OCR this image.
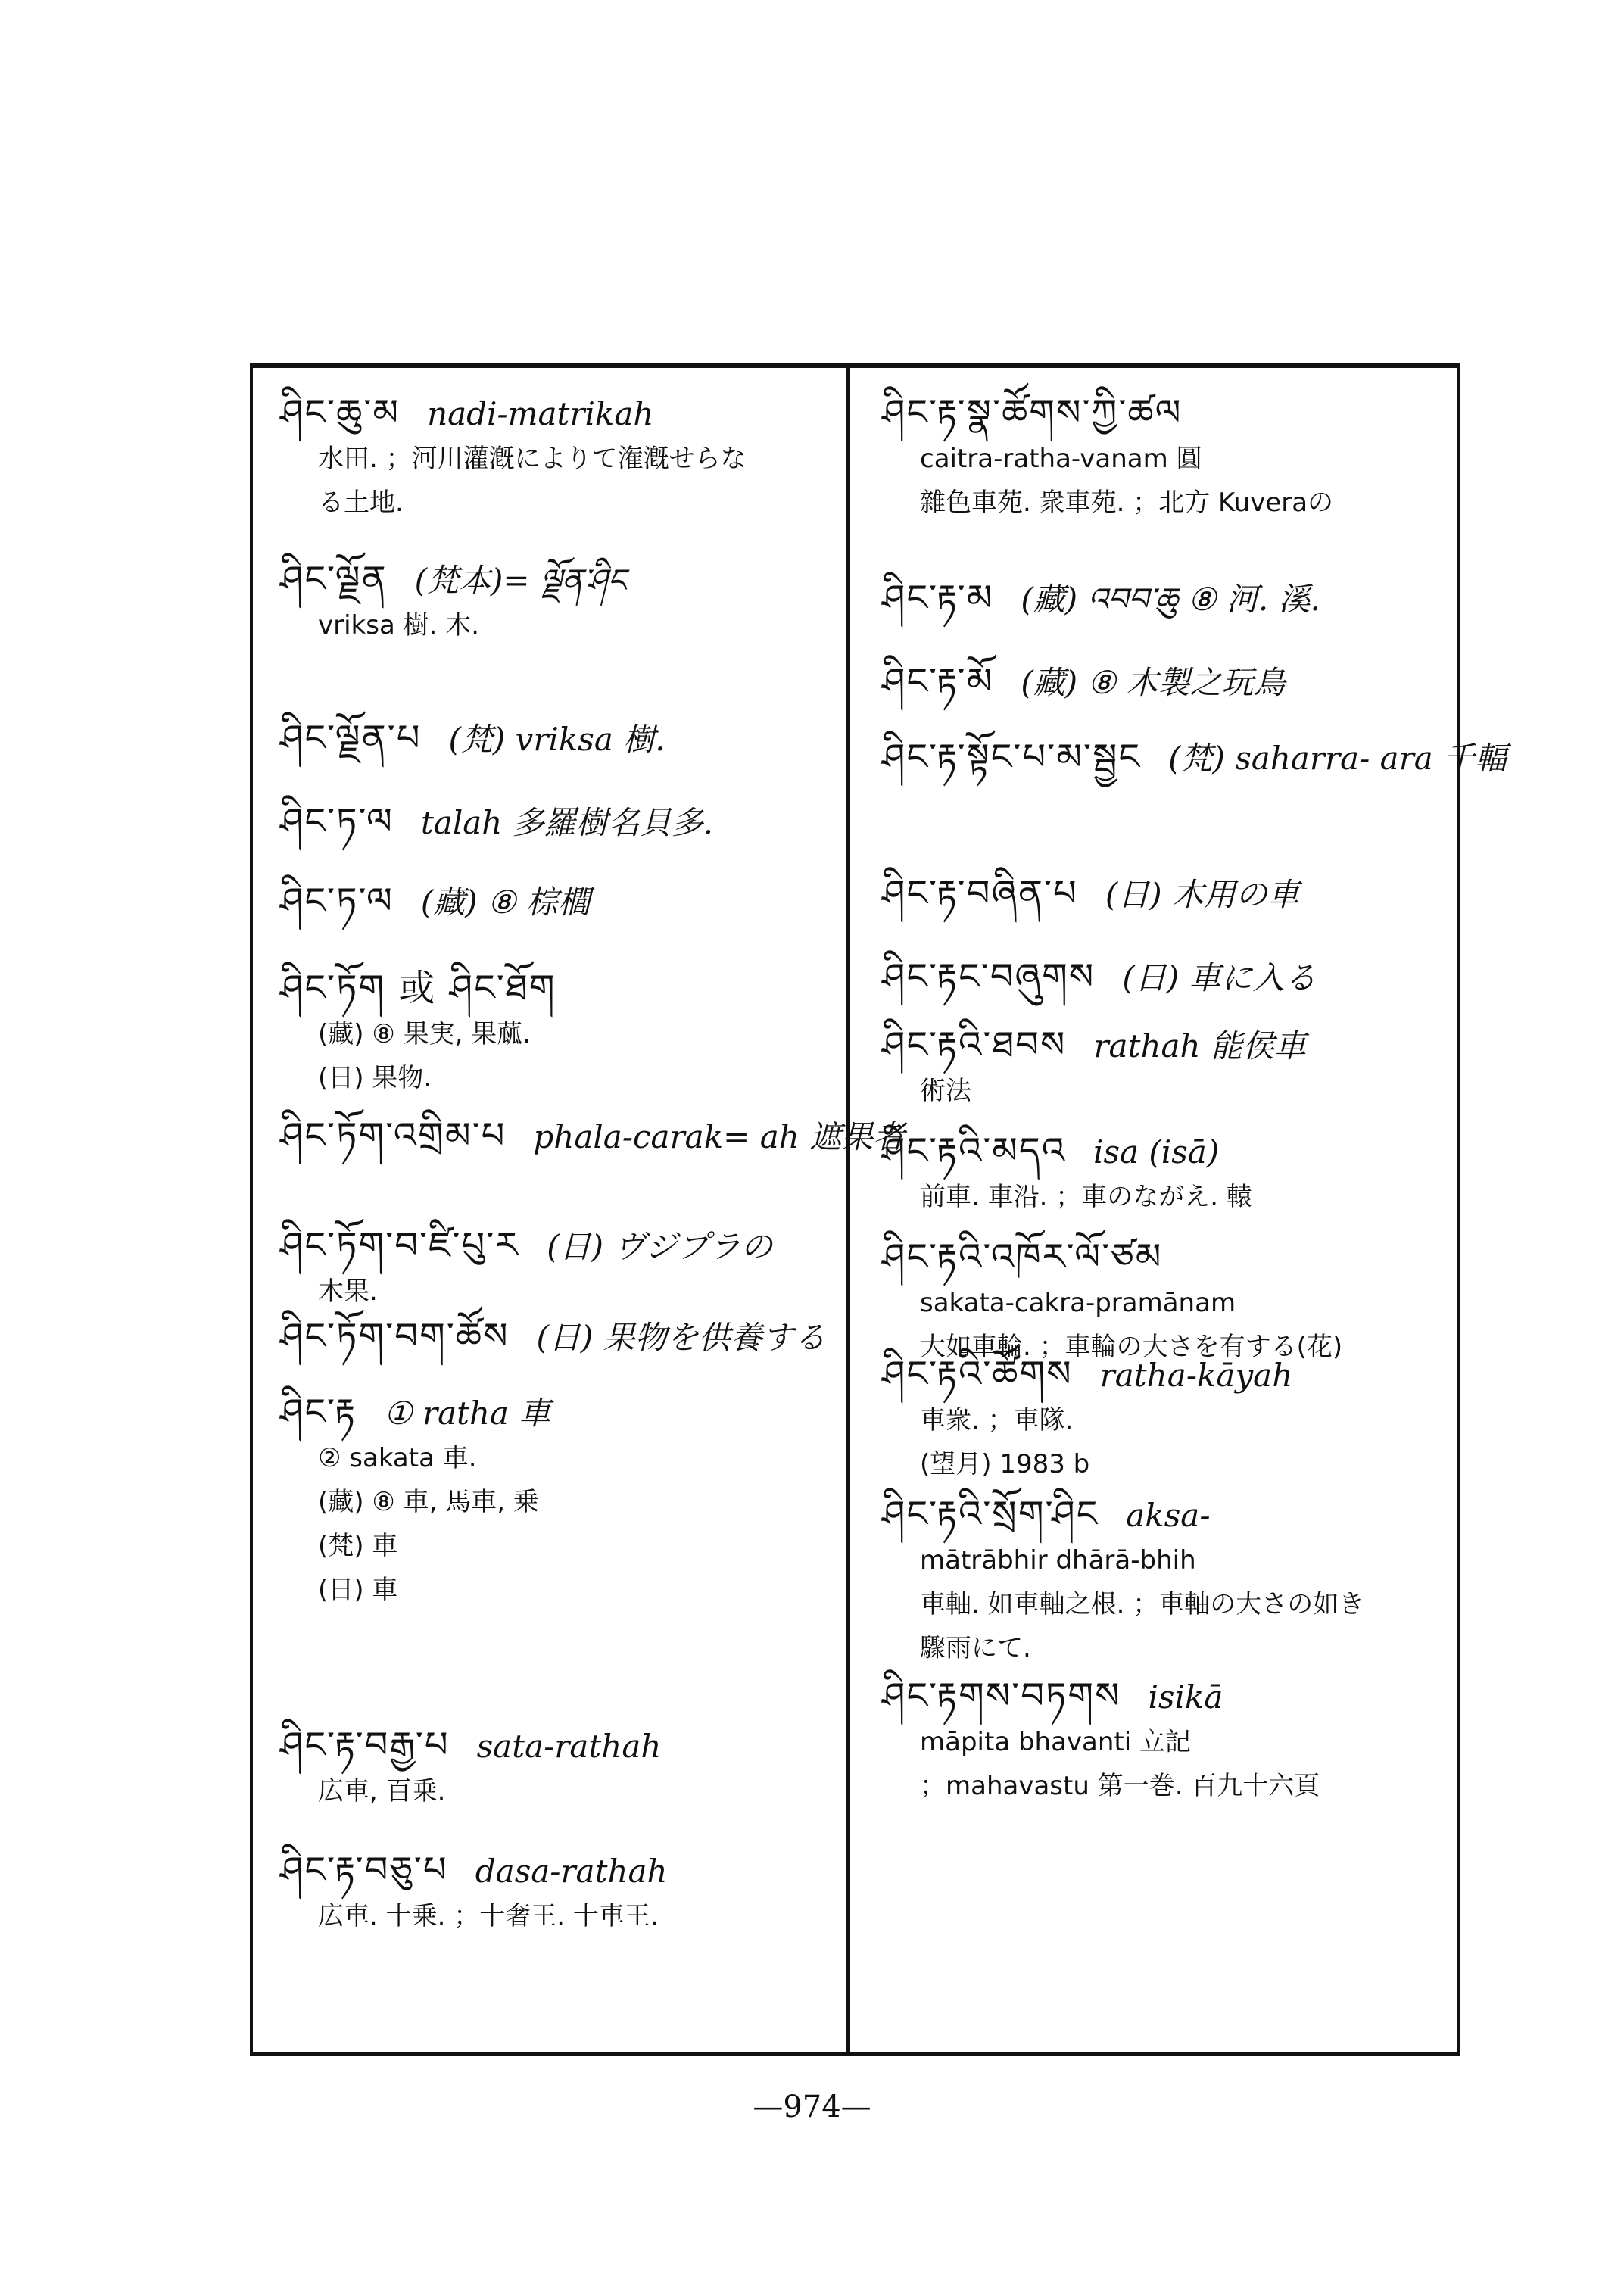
ཤིང་ཆུ་མ nadi-matrikah
水田. ；河川灌漑によりて潅漑せらな
る土地.
ཤིང་ལྗོན (梵本)= ལྗོན་ཤིང
vriksa 樹. 木.
ཤིང་ལྗོན་པ (梵) vriksa 樹.
ཤིང་ཏ་ལ talah 多羅樹名貝多.
ཤིང་ཏ་ལ (藏) ⑧ 棕櫚
ཤིང་ཏོག 或 ཤིང་ཐོག
(藏) ⑧ 果実, 果蓏.
(日) 果物.
ཤིང་ཏོག་འགྲིམ་པ phala-carak= ah 遮果者
ཤིང་ཏོག་བ་ཛི་པུ་ར (日) ヴジプラの
木果.
ཤིང་ཏོག་བག་ཚོས (日) 果物を供養する
ཤིང་རྟ ① ratha 車
② sakata 車.
(藏) ⑧ 車, 馬車, 乗
(梵) 車
(日) 車
ཤིང་རྟ་བརྒྱ་པ sata-rathah
広車, 百乗.
ཤིང་རྟ་བཅུ་པ dasa-rathah
広車. 十乗. ；十奢王. 十車王.
ཤིང་རྟ་སྣ་ཚོགས་ཀྱི་ཚལ
caitra-ratha-vanam 圓
雜色車苑. 衆車苑. ；北方 Kuveraの
ཤིང་རྟ་མ (藏) འབབ་ཆུ ⑧ 河. 溪.
ཤིང་རྟ་མོ (藏) ⑧ 木製之玩鳥
ཤིང་རྟ་སྟོང་པ་མ་སྦྱང (梵) saharra- ara 千輻
ཤིང་རྟ་བཞིན་པ (日) 木用の車
ཤིང་རྟང་བཞུགས (日) 車に入る
ཤིང་རྟའི་ཐབས rathah 能侯車
術法
ཤིང་རྟའི་མདའ isa (isā)
前車. 車沿. ；車のながえ. 轅
ཤིང་རྟའི་འཁོར་ལོ་ཙམ
sakata-cakra-pramānam
大如車輪. ；車輪の大さを有する(花)
ཤིང་རྟའི་ཚོགས ratha-kāyah
車衆. ；車隊.
(望月) 1983 b
ཤིང་རྟའི་སྲོག་ཤིང aksa-
mātrābhir dhārā-bhih
車軸. 如車軸之根. ；車軸の大さの如き
驟雨にて.
ཤིང་རྟགས་བཏགས isikā
māpita bhavanti 立記
；mahavastu 第一巻. 百九十六頁
—974—
